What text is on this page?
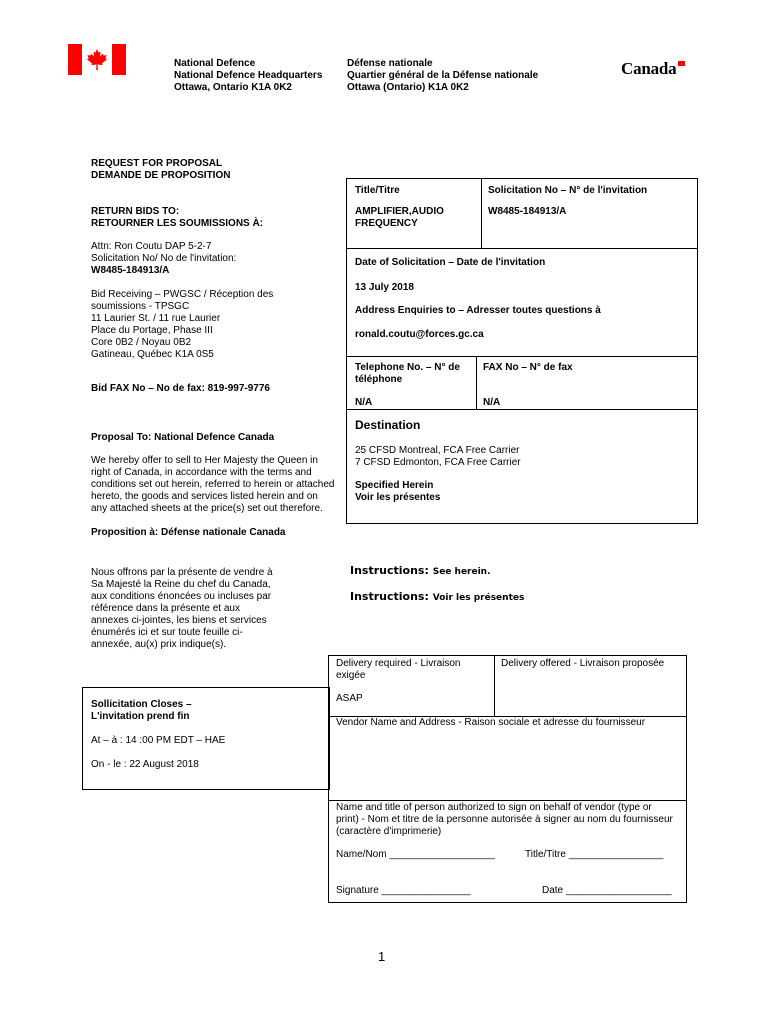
National Defence
National Defence Headquarters
Ottawa, Ontario K1A 0K2
Défense nationale
Quartier général de la Défense nationale
Ottawa (Ontario) K1A 0K2
Canada
REQUEST FOR PROPOSAL
DEMANDE DE PROPOSITION
RETURN BIDS TO:
RETOURNER LES SOUMISSIONS À:
Attn: Ron Coutu DAP 5-2-7
Solicitation No/ No de l'invitation:
W8485-184913/A
Bid Receiving – PWGSC / Réception des
soumissions - TPSGC
11 Laurier St. / 11 rue Laurier
Place du Portage, Phase III
Core 0B2 / Noyau 0B2
Gatineau, Québec K1A 0S5
Bid FAX No – No de fax: 819-997-9776
Proposal To: National Defence Canada
We hereby offer to sell to Her Majesty the Queen in
right of Canada, in accordance with the terms and
conditions set out herein, referred to herein or attached
hereto, the goods and services listed herein and on
any attached sheets at the price(s) set out therefore.
Proposition à: Défense nationale Canada
Nous offrons par la présente de vendre à
Sa Majesté la Reine du chef du Canada,
aux conditions énoncées ou incluses par
référence dans la présente et aux
annexes ci-jointes, les biens et services
énumérés ici et sur toute feuille ci-
annexée, au(x) prix indique(s).
Title/Titre	Solicitation No – N° de l'invitation
AMPLIFIER,AUDIO
FREQUENCY
W8485-184913/A
Date of Solicitation – Date de l'invitation
13 July 2018
Address Enquiries to – Adresser toutes questions à
ronald.coutu@forces.gc.ca
Telephone No. – N° de
téléphone
FAX No – N° de fax
N/A	N/A
Destination
25 CFSD Montreal, FCA Free Carrier
7 CFSD Edmonton, FCA Free Carrier
Specified Herein
Voir les présentes
Instructions: See herein.
Instructions: Voir les présentes
Sollicitation Closes –
L'invitation prend fin
At – à : 14 :00 PM EDT – HAE
On - le : 22 August 2018
Delivery required - Livraison
exigée
Delivery offered - Livraison proposée
ASAP
Vendor Name and Address - Raison sociale et adresse du fournisseur
Name and title of person authorized to sign on behalf of vendor (type or
print) - Nom et titre de la personne autorisée à signer au nom du fournisseur
(caractère d'imprimerie)
Name/Nom ___________________	Title/Titre _________________
Signature ________________	Date ___________________
1
